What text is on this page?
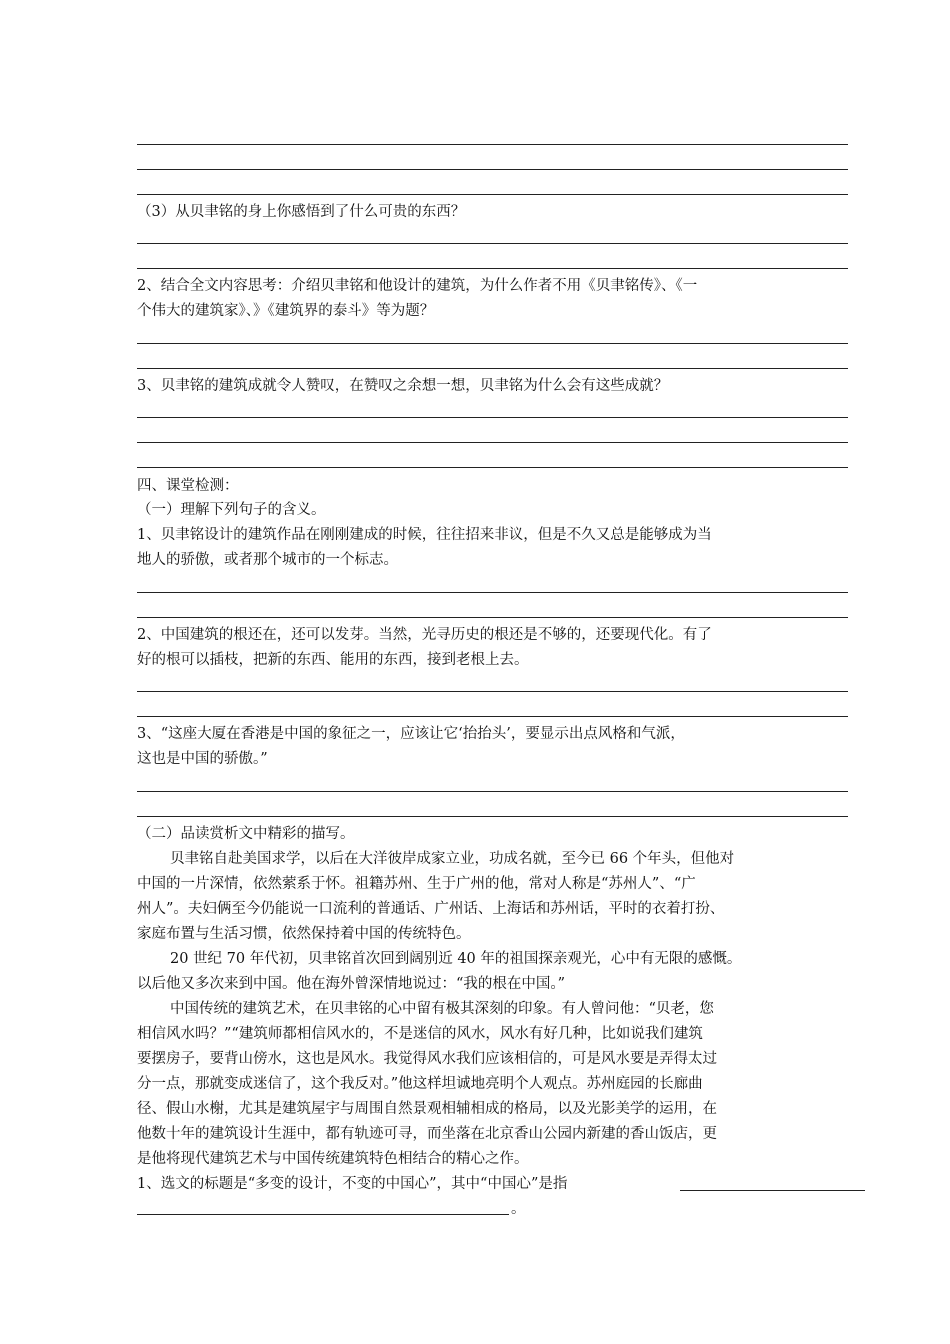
（3）从贝聿铭的身上你感悟到了什么可贵的东西？
2、结合全文内容思考：介绍贝聿铭和他设计的建筑，为什么作者不用《贝聿铭传》、《一
个伟大的建筑家》、》《建筑界的泰斗》等为题？
3、贝聿铭的建筑成就令人赞叹，在赞叹之余想一想，贝聿铭为什么会有这些成就？
四、课堂检测：
（一）理解下列句子的含义。
1、贝聿铭设计的建筑作品在刚刚建成的时候，往往招来非议，但是不久又总是能够成为当
地人的骄傲，或者那个城市的一个标志。
2、中国建筑的根还在，还可以发芽。当然，光寻历史的根还是不够的，还要现代化。有了
好的根可以插枝，把新的东西、能用的东西，接到老根上去。
3、“这座大厦在香港是中国的象征之一，应该让它‘抬抬头’，要显示出点风格和气派，
这也是中国的骄傲。”
（二）品读赏析文中精彩的描写。
贝聿铭自赴美国求学，以后在大洋彼岸成家立业，功成名就，至今已 66 个年头，但他对
中国的一片深情，依然萦系于怀。祖籍苏州、生于广州的他，常对人称是“苏州人”、“广
州人”。夫妇俩至今仍能说一口流利的普通话、广州话、上海话和苏州话，平时的衣着打扮、
家庭布置与生活习惯，依然保持着中国的传统特色。
20 世纪 70 年代初，贝聿铭首次回到阔别近 40 年的祖国探亲观光，心中有无限的感慨。
以后他又多次来到中国。他在海外曾深情地说过：“我的根在中国。”
中国传统的建筑艺术，在贝聿铭的心中留有极其深刻的印象。有人曾问他：“贝老，您
相信风水吗？”“建筑师都相信风水的，不是迷信的风水，风水有好几种，比如说我们建筑
要摆房子，要背山傍水，这也是风水。我觉得风水我们应该相信的，可是风水要是弄得太过
分一点，那就变成迷信了，这个我反对。”他这样坦诚地亮明个人观点。苏州庭园的长廊曲
径、假山水榭，尤其是建筑屋宇与周围自然景观相辅相成的格局，以及光影美学的运用，在
他数十年的建筑设计生涯中，都有轨迹可寻，而坐落在北京香山公园内新建的香山饭店，更
是他将现代建筑艺术与中国传统建筑特色相结合的精心之作。
1、选文的标题是“多变的设计，不变的中国心”，其中“中国心”是指
。
